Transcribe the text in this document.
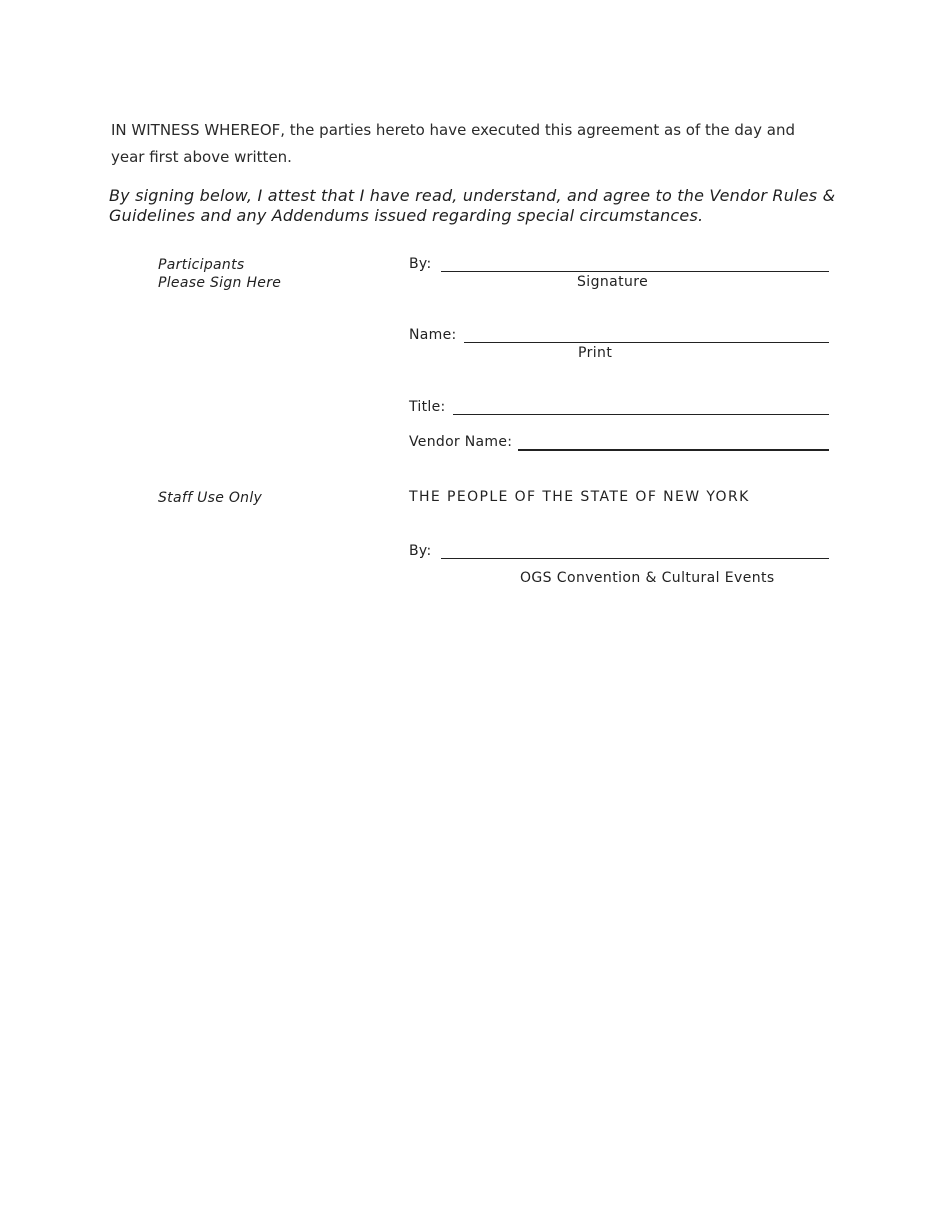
IN WITNESS WHEREOF, the parties hereto have executed this agreement as of the day and year first above written.
By signing below, I attest that I have read, understand, and agree to the Vendor Rules & Guidelines and any Addendums issued regarding special circumstances.
Participants
Please Sign Here
By:
Signature
Name:
Print
Title:
Vendor Name:
Staff Use Only	THE PEOPLE OF THE STATE OF NEW YORK
By:
OGS Convention & Cultural Events
